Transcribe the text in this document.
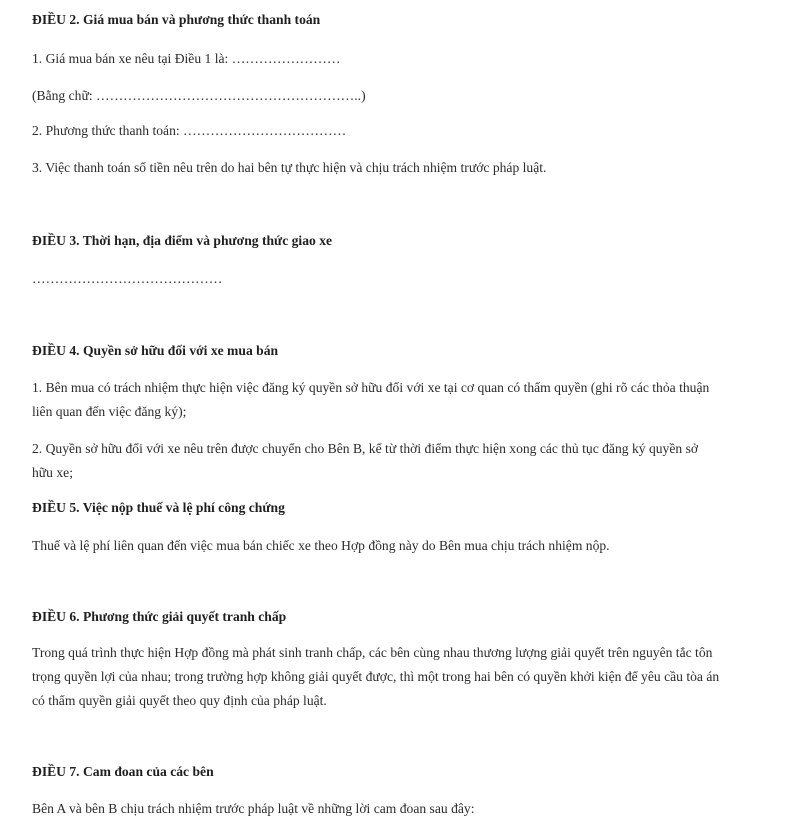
ĐIỀU 2. Giá mua bán và phương thức thanh toán

1. Giá mua bán xe nêu tại Điều 1 là: ……………………

(Bằng chữ: …………………………………………………..)

2. Phương thức thanh toán: ………………………………

3. Việc thanh toán số tiền nêu trên do hai bên tự thực hiện và chịu trách nhiệm trước pháp luật.

ĐIỀU 3. Thời hạn, địa điểm và phương thức giao xe

……………………………………

ĐIỀU 4. Quyền sở hữu đối với xe mua bán

1. Bên mua có trách nhiệm thực hiện việc đăng ký quyền sở hữu đối với xe tại cơ quan có thẩm quyền (ghi rõ các thỏa thuận

liên quan đến việc đăng ký);

2. Quyền sở hữu đối với xe nêu trên được chuyển cho Bên B, kể từ thời điểm thực hiện xong các thủ tục đăng ký quyền sở

hữu xe;

ĐIỀU 5. Việc nộp thuế và lệ phí công chứng

Thuế và lệ phí liên quan đến việc mua bán chiếc xe theo Hợp đồng này do Bên mua chịu trách nhiệm nộp.

ĐIỀU 6. Phương thức giải quyết tranh chấp

Trong quá trình thực hiện Hợp đồng mà phát sinh tranh chấp, các bên cùng nhau thương lượng giải quyết trên nguyên tắc tôn

trọng quyền lợi của nhau; trong trường hợp không giải quyết được, thì một trong hai bên có quyền khởi kiện để yêu cầu tòa án

có thẩm quyền giải quyết theo quy định của pháp luật.

ĐIỀU 7. Cam đoan của các bên

Bên A và bên B chịu trách nhiệm trước pháp luật về những lời cam đoan sau đây:
